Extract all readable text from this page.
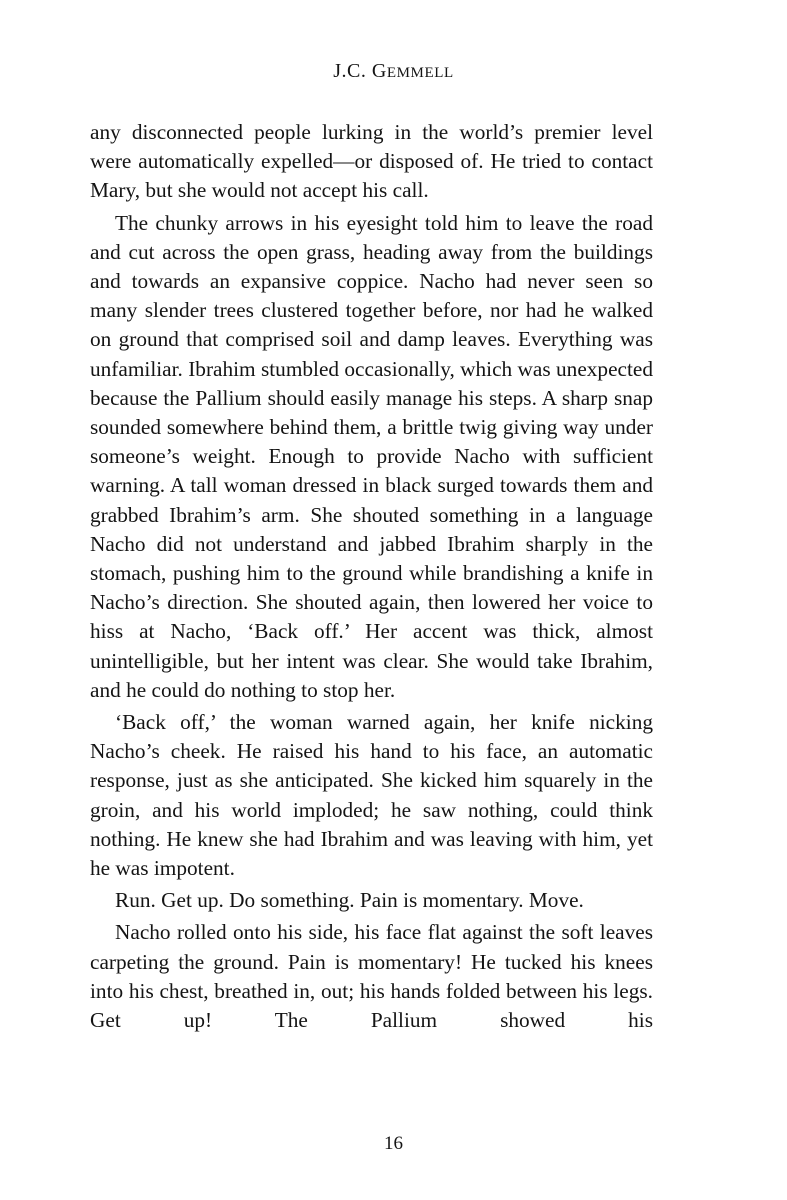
J.C. GEMMELL

any disconnected people lurking in the world’s premier level were automatically expelled—or disposed of. He tried to contact Mary, but she would not accept his call.

The chunky arrows in his eyesight told him to leave the road and cut across the open grass, heading away from the buildings and towards an expansive coppice. Nacho had never seen so many slender trees clustered together before, nor had he walked on ground that comprised soil and damp leaves. Everything was unfamiliar. Ibrahim stumbled occasionally, which was unexpected because the Pallium should easily manage his steps. A sharp snap sounded somewhere behind them, a brittle twig giving way under someone’s weight. Enough to provide Nacho with sufficient warning. A tall woman dressed in black surged towards them and grabbed Ibrahim’s arm. She shouted something in a language Nacho did not understand and jabbed Ibrahim sharply in the stomach, pushing him to the ground while brandishing a knife in Nacho’s direction. She shouted again, then lowered her voice to hiss at Nacho, ‘Back off.’ Her accent was thick, almost unintelligible, but her intent was clear. She would take Ibrahim, and he could do nothing to stop her.

‘Back off,’ the woman warned again, her knife nicking Nacho’s cheek. He raised his hand to his face, an automatic response, just as she anticipated. She kicked him squarely in the groin, and his world imploded; he saw nothing, could think nothing. He knew she had Ibrahim and was leaving with him, yet he was impotent.

Run. Get up. Do something. Pain is momentary. Move.

Nacho rolled onto his side, his face flat against the soft leaves carpeting the ground. Pain is momentary! He tucked his knees into his chest, breathed in, out; his hands folded between his legs. Get up! The Pallium showed his

16
